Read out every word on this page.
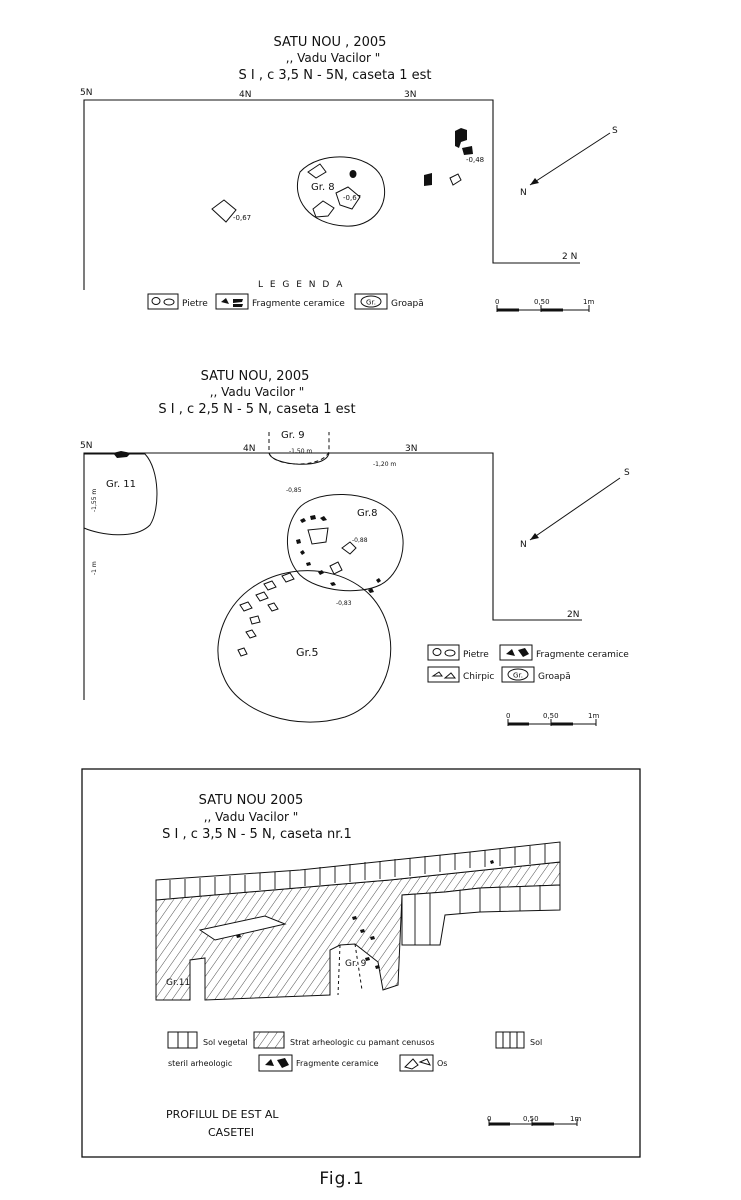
SATU NOU , 2005
,, Vadu Vacilor "
S I , c 3,5 N - 5N, caseta 1 est
5N	4N	3N
2 N
S
N
Gr. 8
-0,67
-0,67
-0,48
L E G E N D A
Pietre	Fragmente ceramice	Gr. Groapă	0	0,50	1m
SATU NOU, 2005
,, Vadu Vacilor "
S I , c 2,5 N - 5 N, caseta 1 est
5N	4N	3N
2N
S
N
Gr. 9
-1,50 m
-1,20 m
Gr. 11
-1,55 m
-1 m
Gr.8
-0,85
-0,88
-0,83
Gr.5	Pietre	Fragmente ceramice
Chirpic	Gr. Groapă
0	0,50	1m
SATU NOU 2005
,, Vadu Vacilor "
S I , c 3,5 N - 5 N, caseta nr.1
Gr.11
Gr. 9
Sol vegetal	Strat arheologic cu pamant cenusos	Sol
steril arheologic	Fragmente ceramice	Os
PROFILUL DE EST AL
CASETEI
0	0,50	1m
Fig.1
